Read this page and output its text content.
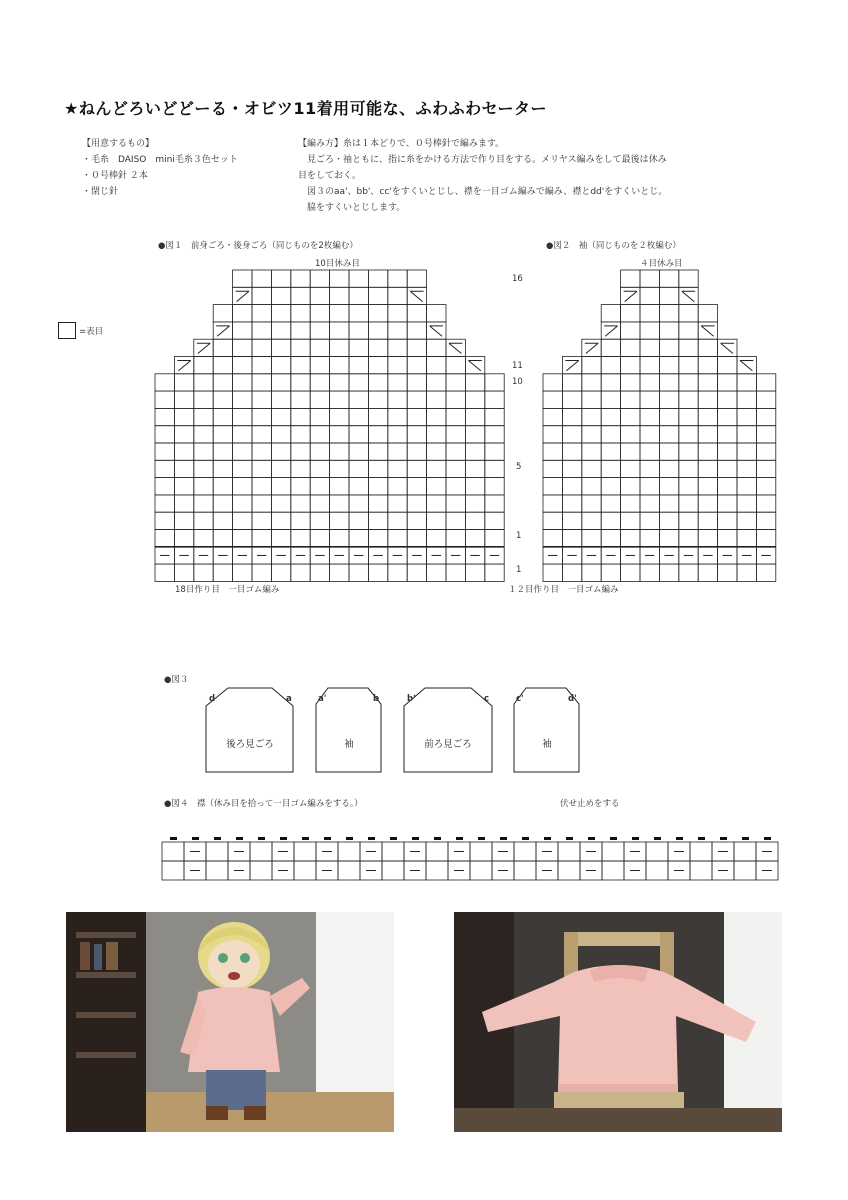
★ねんどろいどどーる・オビツ11着用可能な、ふわふわセーター
【用意するもの】
・毛糸　DAISO　mini毛糸３色セット
・０号棒針 ２本
・閉じ針
【編み方】糸は１本どりで、０号棒針で編みます。
　見ごろ・袖ともに、指に糸をかける方法で作り目をする。メリヤス編みをして最後は休み
目をしておく。
　図３のaa'、bb'、cc'をすくいとじし、襟を一目ゴム編みで編み、襟とdd'をすくいとじ。
　脇をすくいとじします。
=表目
●図１　前身ごろ・後身ごろ（同じものを2枚編む）
10目休み目
18目作り目　一目ゴム編み
●図２　袖（同じものを２枚編む）
４目休み目
１２目作り目　一目ゴム編み
16
11
10
5
1
1
●図３
後ろ見ごろ	袖	前ろ見ごろ	袖
d	a	a'	b	b'	c	c'	d'
●図４　襟（休み目を拾って一目ゴム編みをする。）	伏せ止めをする
